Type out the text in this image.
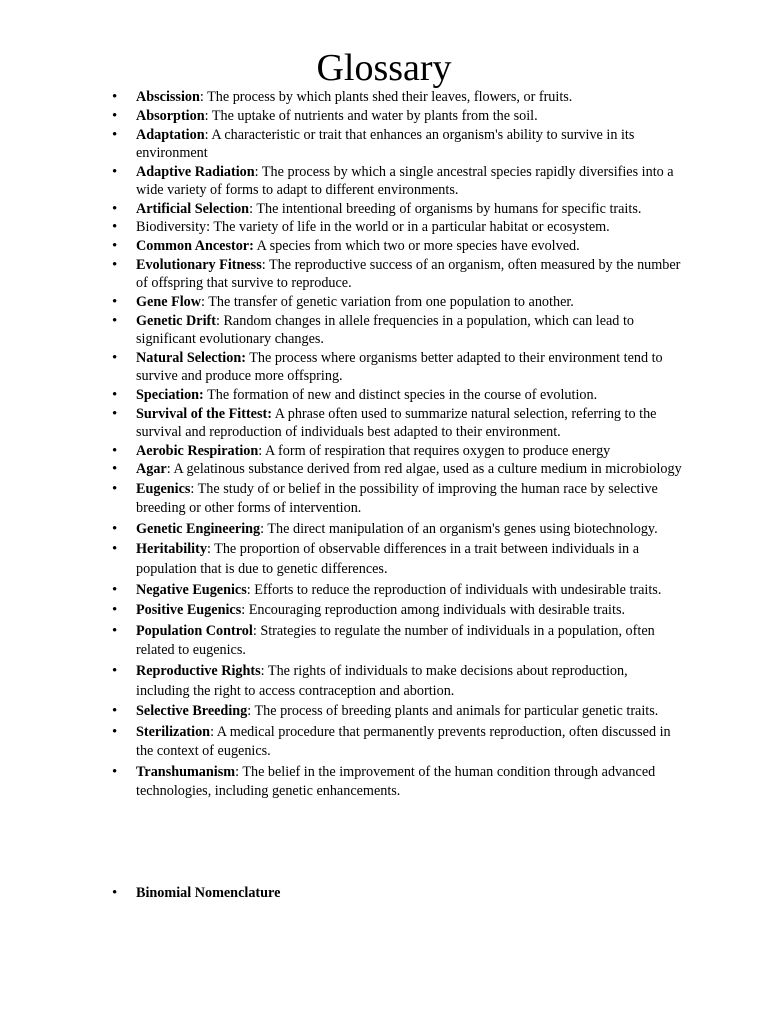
Glossary
• Abscission: The process by which plants shed their leaves, flowers, or fruits.
• Absorption: The uptake of nutrients and water by plants from the soil.
• Adaptation: A characteristic or trait that enhances an organism's ability to survive in its environment
• Adaptive Radiation: The process by which a single ancestral species rapidly diversifies into a wide variety of forms to adapt to different environments.
• Artificial Selection: The intentional breeding of organisms by humans for specific traits.
• Biodiversity: The variety of life in the world or in a particular habitat or ecosystem.
• Common Ancestor: A species from which two or more species have evolved.
• Evolutionary Fitness: The reproductive success of an organism, often measured by the number of offspring that survive to reproduce.
• Gene Flow: The transfer of genetic variation from one population to another.
• Genetic Drift: Random changes in allele frequencies in a population, which can lead to significant evolutionary changes.
• Natural Selection: The process where organisms better adapted to their environment tend to survive and produce more offspring.
• Speciation: The formation of new and distinct species in the course of evolution.
• Survival of the Fittest: A phrase often used to summarize natural selection, referring to the survival and reproduction of individuals best adapted to their environment.
• Aerobic Respiration: A form of respiration that requires oxygen to produce energy
• Agar: A gelatinous substance derived from red algae, used as a culture medium in microbiology
• Eugenics: The study of or belief in the possibility of improving the human race by selective breeding or other forms of intervention.
• Genetic Engineering: The direct manipulation of an organism's genes using biotechnology.
• Heritability: The proportion of observable differences in a trait between individuals in a population that is due to genetic differences.
• Negative Eugenics: Efforts to reduce the reproduction of individuals with undesirable traits.
• Positive Eugenics: Encouraging reproduction among individuals with desirable traits.
• Population Control: Strategies to regulate the number of individuals in a population, often related to eugenics.
• Reproductive Rights: The rights of individuals to make decisions about reproduction, including the right to access contraception and abortion.
• Selective Breeding: The process of breeding plants and animals for particular genetic traits.
• Sterilization: A medical procedure that permanently prevents reproduction, often discussed in the context of eugenics.
• Transhumanism: The belief in the improvement of the human condition through advanced technologies, including genetic enhancements.
• Binomial Nomenclature
